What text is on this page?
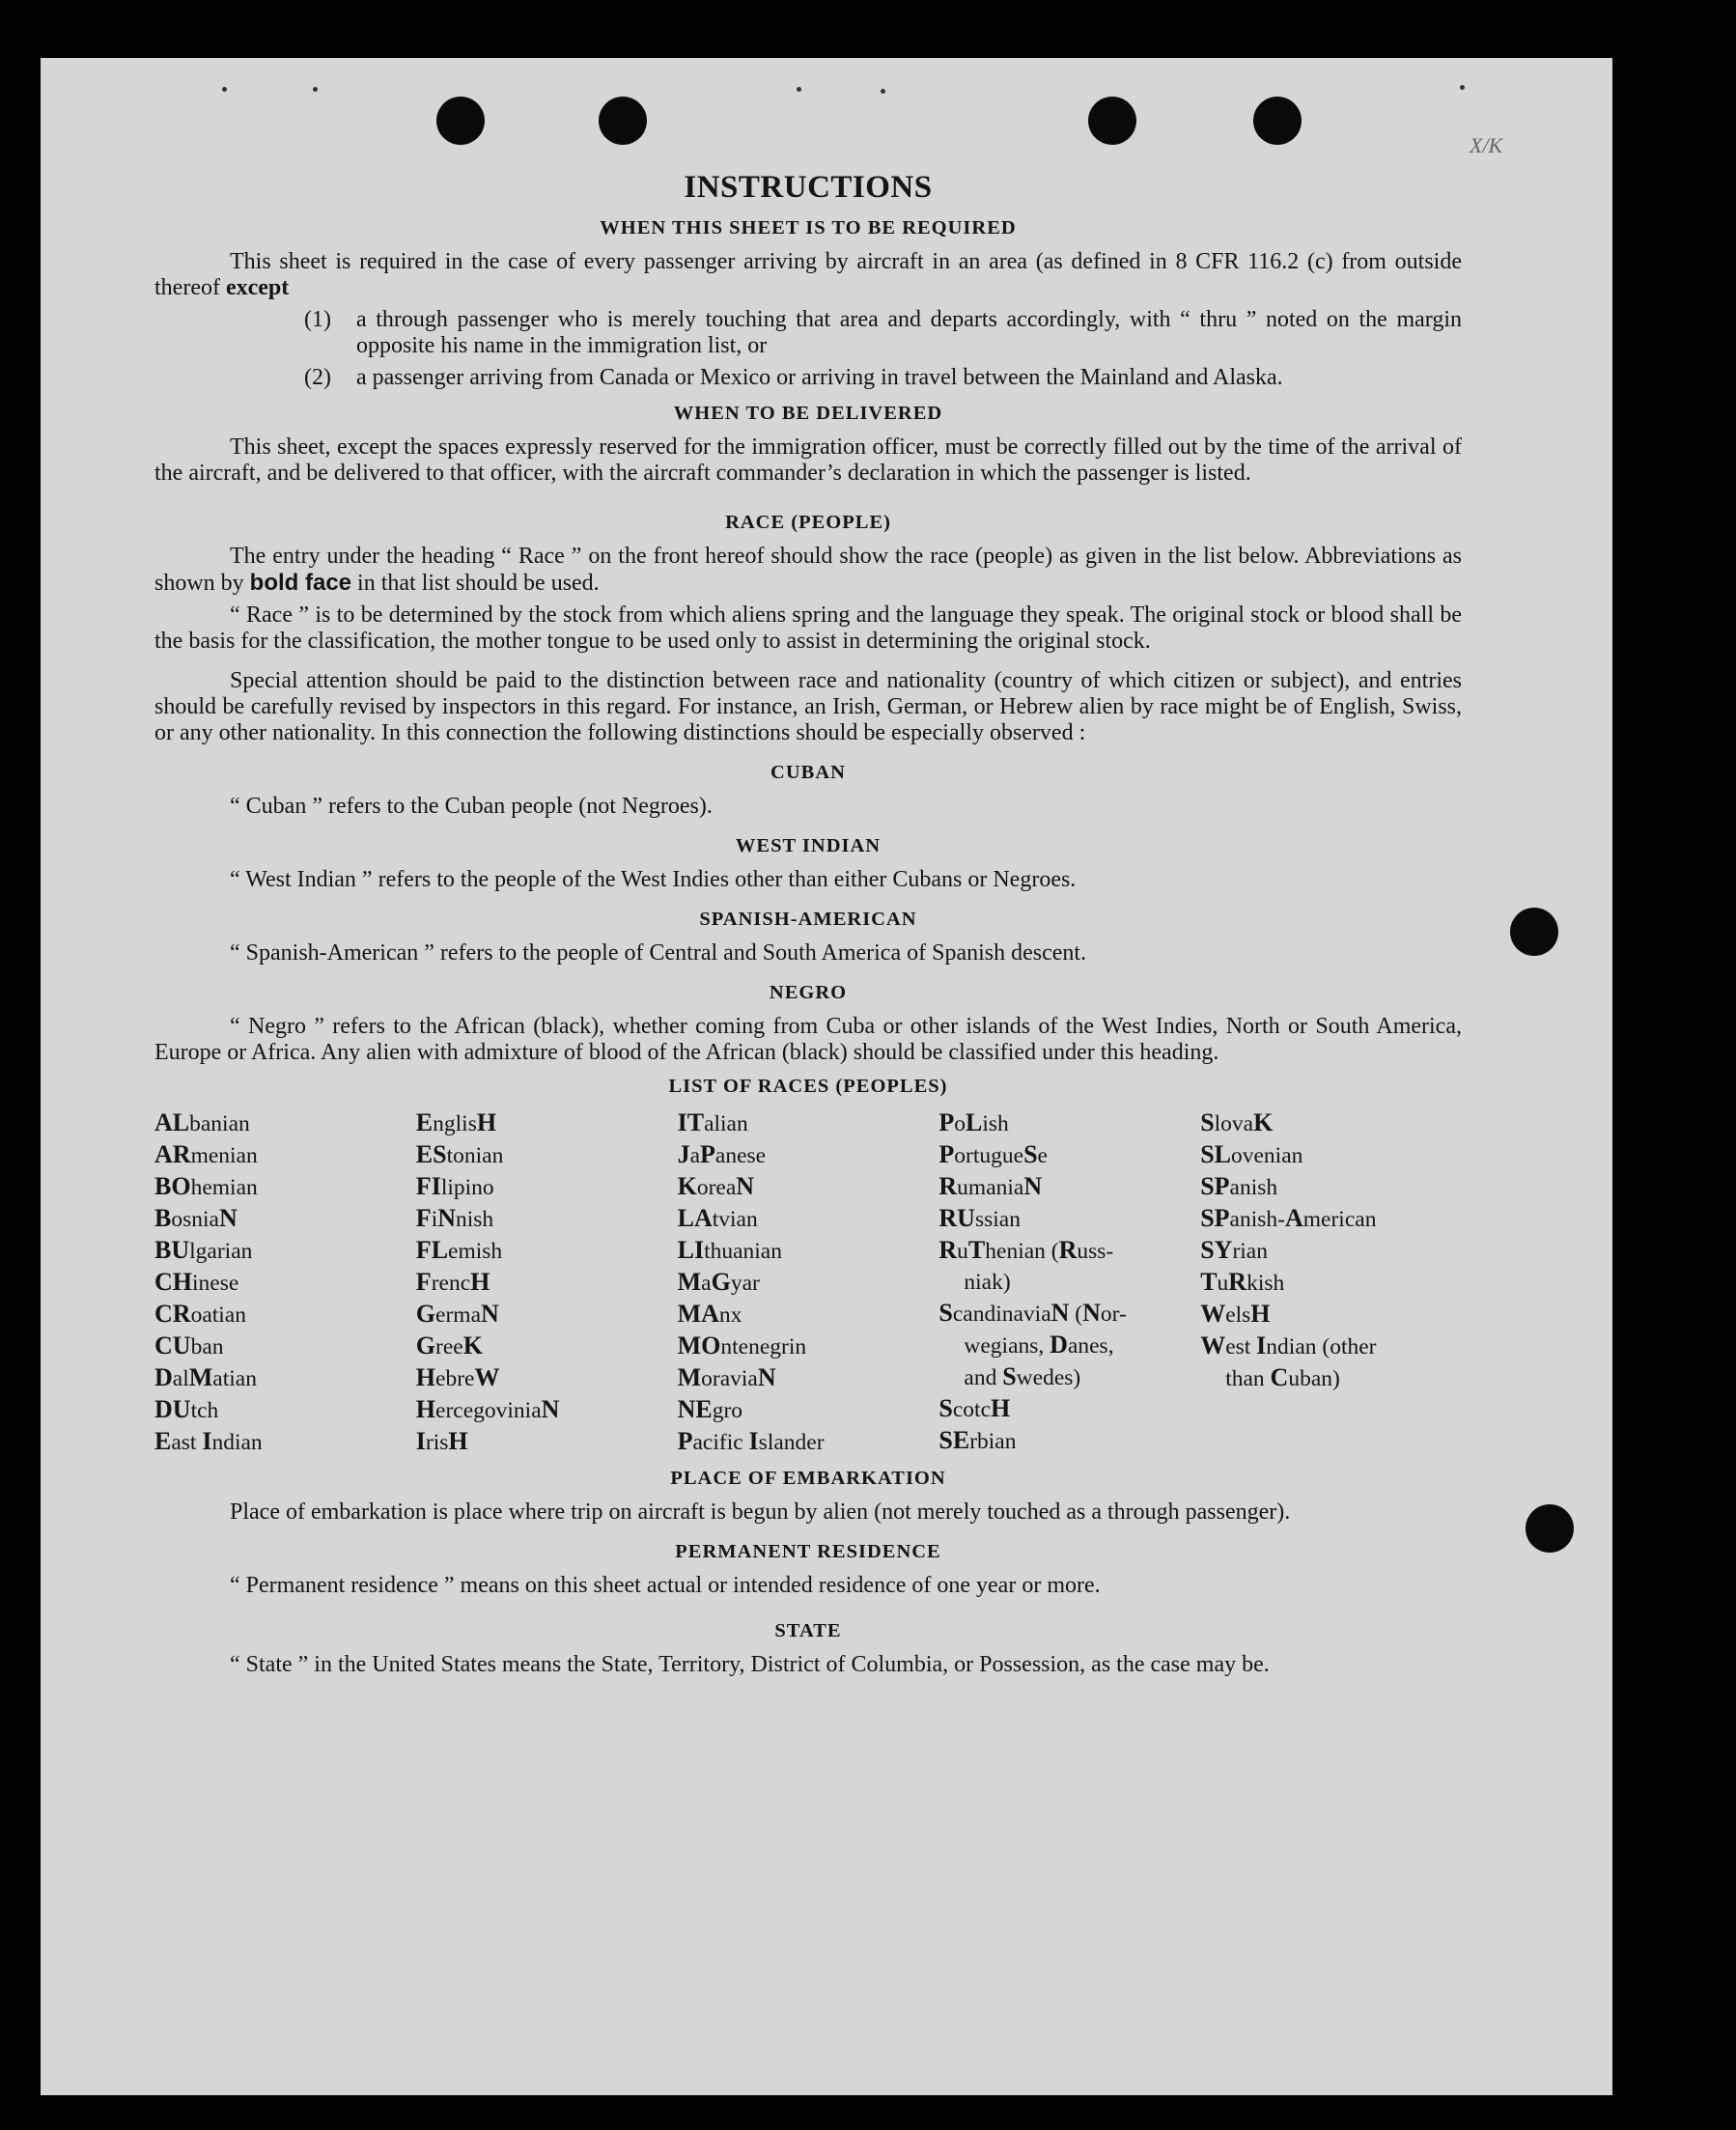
X/K
INSTRUCTIONS
WHEN THIS SHEET IS TO BE REQUIRED

This sheet is required in the case of every passenger arriving by aircraft in an area (as defined in 8 CFR 116.2 (c) from outside thereof except

(1)	a through passenger who is merely touching that area and departs accordingly, with “ thru ” noted on the margin opposite his name in the immigration list, or
(2)	a passenger arriving from Canada or Mexico or arriving in travel between the Mainland and Alaska.
WHEN TO BE DELIVERED

This sheet, except the spaces expressly reserved for the immigration officer, must be correctly filled out by the time of the arrival of the aircraft, and be delivered to that officer, with the aircraft commander’s declaration in which the passenger is listed.

RACE (PEOPLE)

The entry under the heading “ Race ” on the front hereof should show the race (people) as given in the list below. Abbreviations as shown by bold face in that list should be used.

“ Race ” is to be determined by the stock from which aliens spring and the language they speak. The original stock or blood shall be the basis for the classification, the mother tongue to be used only to assist in determining the original stock.

Special attention should be paid to the distinction between race and nationality (country of which citizen or subject), and entries should be carefully revised by inspectors in this regard. For instance, an Irish, German, or Hebrew alien by race might be of English, Swiss, or any other nationality. In this connection the following distinctions should be especially observed :

CUBAN

“ Cuban ” refers to the Cuban people (not Negroes).

WEST INDIAN

“ West Indian ” refers to the people of the West Indies other than either Cubans or Negroes.

SPANISH-AMERICAN

“ Spanish-American ” refers to the people of Central and South America of Spanish descent.

NEGRO

“ Negro ” refers to the African (black), whether coming from Cuba or other islands of the West Indies, North or South America, Europe or Africa. Any alien with admixture of blood of the African (black) should be classified under this heading.

LIST OF RACES (PEOPLES)
ALbanian
ARmenian
BOhemian
BosniaN
BUlgarian
CHinese
CRoatian
CUban
DalMatian
DUtch
East Indian
EnglisH
EStonian
FIlipino
FiNnish
FLemish
FrencH
GermaN
GreeK
HebreW
HercegoviniaN
IrisH
ITalian
JaPanese
KoreaN
LAtvian
LIthuanian
MaGyar
MAnx
MOntenegrin
MoraviaN
NEgro
Pacific Islander
PoLish
PortugueSe
RumaniaN
RUssian
RuThenian (Russ-
niak)
ScandinaviaN (Nor-
wegians, Danes,
and Swedes)
ScotcH
SErbian
SlovaK
SLovenian
SPanish
SPanish-American
SYrian
TuRkish
WelsH
West Indian (other
than Cuban)
PLACE OF EMBARKATION

Place of embarkation is place where trip on aircraft is begun by alien (not merely touched as a through passenger).

PERMANENT RESIDENCE

“ Permanent residence ” means on this sheet actual or intended residence of one year or more.

STATE

“ State ” in the United States means the State, Territory, District of Columbia, or Possession, as the case may be.
